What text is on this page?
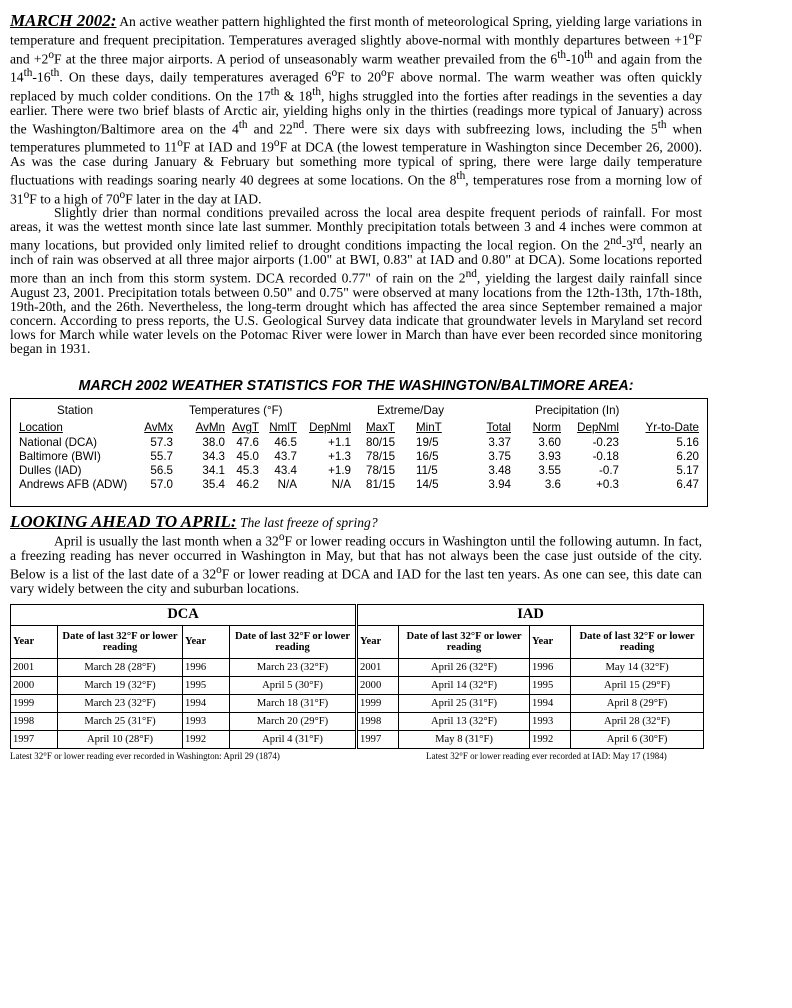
MARCH 2002: An active weather pattern highlighted the first month of meteorological Spring, yielding large variations in temperature and frequent precipitation. Temperatures averaged slightly above-normal with monthly departures between $+1^oF$ and $+2^oF$ at the three major airports. A period of unseasonably warm weather prevailed from the 6th-10th and again from the 14th-16th. On these days, daily temperatures averaged 6$^o$F to 20$^o$F above normal. The warm weather was often quickly replaced by much colder conditions. On the 17th & 18th, highs struggled into the forties after readings in the seventies a day earlier. There were two brief blasts of Arctic air, yielding highs only in the thirties (readings more typical of January) across the Washington/Baltimore area on the 4th and 22nd. There were six days with subfreezing lows, including the 5th when temperatures plummeted to 11$^o$F at IAD and 19$^o$F at DCA (the lowest temperature in Washington since December 26, 2000). As was the case during January & February but something more typical of spring, there were large daily temperature fluctuations with readings soaring nearly 40 degrees at some locations. On the 8th, temperatures rose from a morning low of 31$^o$F to a high of 70$^o$F later in the day at IAD.

Slightly drier than normal conditions prevailed across the local area despite frequent periods of rainfall. For most areas, it was the wettest month since late last summer. Monthly precipitation totals between 3 and 4 inches were common at many locations, but provided only limited relief to drought conditions impacting the local region. On the 2nd-3rd, nearly an inch of rain was observed at all three major airports (1.00" at BWI, 0.83" at IAD and 0.80" at DCA). Some locations reported more than an inch from this storm system. DCA recorded 0.77" of rain on the 2nd, yielding the largest daily rainfall since August 23, 2001. Precipitation totals between 0.50" and 0.75" were observed at many locations from the 12th-13th, 17th-18th, 19th-20th, and the 26th. Nevertheless, the long-term drought which has affected the area since September remained a major concern. According to press reports, the U.S. Geological Survey data indicate that groundwater levels in Maryland set record lows for March while water levels on the Potomac River were lower in March than have ever been recorded since monitoring began in 1931.

MARCH 2002 WEATHER STATISTICS FOR THE WASHINGTON/BALTIMORE AREA:
Station	Temperatures (°F)	Extreme/Day	Precipitation (In)
Location	AvMx	AvMn AvgT NmlT	DepNml MaxT	MinT	Total	Norm	DepNml	Yr-to-Date
National (DCA)	57.3	38.0 47.6	46.5	+1.1 80/15	19/5	3.37	3.60	-0.23	5.16
Baltimore (BWI)	55.7	34.3 45.0	43.7	+1.3 78/15	16/5	3.75	3.93	-0.18	6.20
Dulles (IAD)	56.5	34.1 45.3	43.4	+1.9 78/15	11/5	3.48	3.55	-0.7	5.17
Andrews AFB (ADW)	57.0	35.4 46.2	N/A	N/A 81/15	14/5	3.94	3.6	+0.3	6.47

LOOKING AHEAD TO APRIL: The last freeze of spring?
April is usually the last month when a 32$^o$F or lower reading occurs in Washington until the following autumn. In fact, a freezing reading has never occurred in Washington in May, but that has not always been the case just outside of the city. Below is a list of the last date of a 32$^o$F or lower reading at DCA and IAD for the last ten years. As one can see, this date can vary widely between the city and suburban locations.

DCA				IAD			
Year	Date of last 32°F or lower reading	Year	Date of last 32°F or lower reading	Year	Date of last 32°F or lower reading	Year	Date of last 32°F or lower reading
2001	March 28 (28°F)	1996	March 23 (32°F)	2001	April 26 (32°F)	1996	May 14 (32°F)
2000	March 19 (32°F)	1995	April 5 (30°F)	2000	April 14 (32°F)	1995	April 15 (29°F)
1999	March 23 (32°F)	1994	March 18 (31°F)	1999	April 25 (31°F)	1994	April 8 (29°F)
1998	March 25 (31°F)	1993	March 20 (29°F)	1998	April 13 (32°F)	1993	April 28 (32°F)
1997	April 10 (28°F)	1992	April 4 (31°F)	1997	May 8 (31°F)	1992	April 6 (30°F)
Latest 32°F or lower reading ever recorded in Washington: April 29 (1874)	Latest 32°F or lower reading ever recorded at IAD: May 17 (1984)
